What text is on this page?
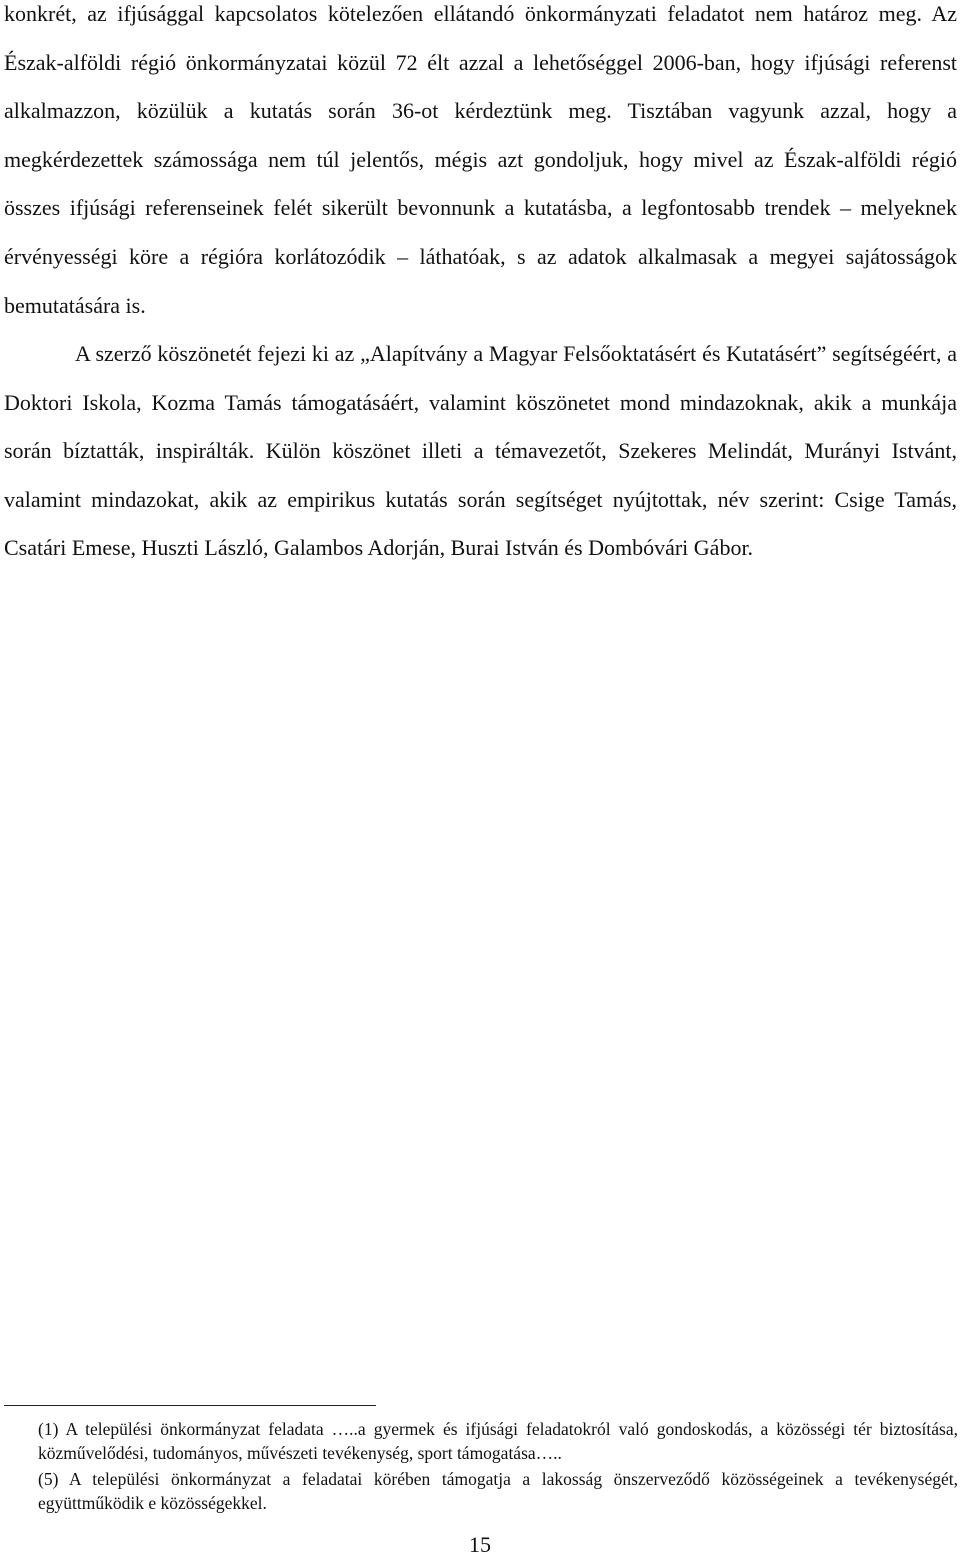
konkrét, az ifjúsággal kapcsolatos kötelezően ellátandó önkormányzati feladatot nem határoz meg. Az Észak-alföldi régió önkormányzatai közül 72 élt azzal a lehetőséggel 2006-ban, hogy ifjúsági referenst alkalmazzon, közülük a kutatás során 36-ot kérdeztünk meg. Tisztában vagyunk azzal, hogy a megkérdezettek számossága nem túl jelentős, mégis azt gondoljuk, hogy mivel az Észak-alföldi régió összes ifjúsági referenseinek felét sikerült bevonnunk a kutatásba, a legfontosabb trendek – melyeknek érvényességi köre a régióra korlátozódik – láthatóak, s az adatok alkalmasak a megyei sajátosságok bemutatására is.

A szerző köszönetét fejezi ki az „Alapítvány a Magyar Felsőoktatásért és Kutatásért” segítségéért, a Doktori Iskola, Kozma Tamás támogatásáért, valamint köszönetet mond mindazoknak, akik a munkája során bíztatták, inspirálták. Külön köszönet illeti a témavezetőt, Szekeres Melindát, Murányi Istvánt, valamint mindazokat, akik az empirikus kutatás során segítséget nyújtottak, név szerint: Csige Tamás, Csatári Emese, Huszti László, Galambos Adorján, Burai István és Dombóvári Gábor.

(1) A települési önkormányzat feladata …..a gyermek és ifjúsági feladatokról való gondoskodás, a közösségi tér biztosítása, közművelődési, tudományos, művészeti tevékenység, sport támogatása…..

(5) A települési önkormányzat a feladatai körében támogatja a lakosság önszerveződő közösségeinek a tevékenységét, együttműködik e közösségekkel.

15
